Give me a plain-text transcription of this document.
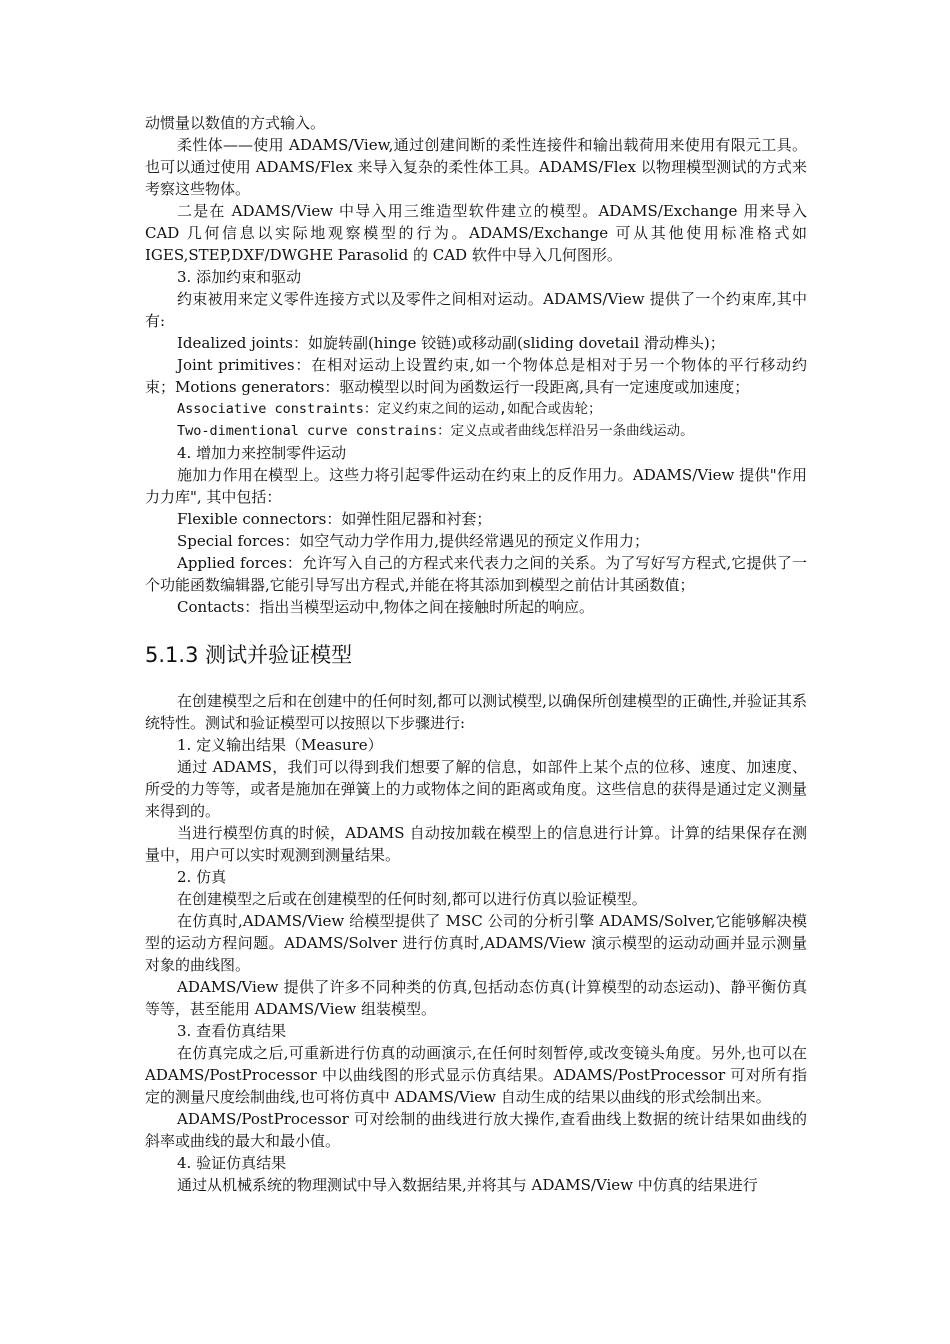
动惯量以数值的方式输入。

柔性体——使用 ADAMS/View,通过创建间断的柔性连接件和输出载荷用来使用有限元工具。也可以通过使用 ADAMS/Flex 来导入复杂的柔性体工具。ADAMS/Flex 以物理模型测试的方式来考察这些物体。

二是在 ADAMS/View 中导入用三维造型软件建立的模型。ADAMS/Exchange 用来导入 CAD 几何信息以实际地观察模型的行为。ADAMS/Exchange 可从其他使用标准格式如 IGES,STEP,DXF/DWGHE Parasolid 的 CAD 软件中导入几何图形。

3. 添加约束和驱动

约束被用来定义零件连接方式以及零件之间相对运动。ADAMS/View 提供了一个约束库,其中有:

Idealized joints：如旋转副(hinge 铰链)或移动副(sliding dovetail 滑动榫头)；

Joint primitives：在相对运动上设置约束,如一个物体总是相对于另一个物体的平行移动约束；Motions generators：驱动模型以时间为函数运行一段距离,具有一定速度或加速度；

Associative constraints：定义约束之间的运动,如配合或齿轮；

Two-dimentional curve constrains：定义点或者曲线怎样沿另一条曲线运动。

4. 增加力来控制零件运动

施加力作用在模型上。这些力将引起零件运动在约束上的反作用力。ADAMS/View 提供"作用力力库", 其中包括：

Flexible connectors：如弹性阻尼器和衬套；

Special forces：如空气动力学作用力,提供经常遇见的预定义作用力；

Applied forces：允许写入自己的方程式来代表力之间的关系。为了写好写方程式,它提供了一个功能函数编辑器,它能引导写出方程式,并能在将其添加到模型之前估计其函数值；

Contacts：指出当模型运动中,物体之间在接触时所起的响应。

5.1.3 测试并验证模型

在创建模型之后和在创建中的任何时刻,都可以测试模型,以确保所创建模型的正确性,并验证其系统特性。测试和验证模型可以按照以下步骤进行:

1. 定义输出结果（Measure）

通过 ADAMS，我们可以得到我们想要了解的信息，如部件上某个点的位移、速度、加速度、所受的力等等，或者是施加在弹簧上的力或物体之间的距离或角度。这些信息的获得是通过定义测量来得到的。

当进行模型仿真的时候，ADAMS 自动按加载在模型上的信息进行计算。计算的结果保存在测量中，用户可以实时观测到测量结果。

2. 仿真

在创建模型之后或在创建模型的任何时刻,都可以进行仿真以验证模型。

在仿真时,ADAMS/View 给模型提供了 MSC 公司的分析引擎 ADAMS/Solver,它能够解决模型的运动方程问题。ADAMS/Solver 进行仿真时,ADAMS/View 演示模型的运动动画并显示测量对象的曲线图。

ADAMS/View 提供了许多不同种类的仿真,包括动态仿真(计算模型的动态运动)、静平衡仿真等等，甚至能用 ADAMS/View 组装模型。

3. 查看仿真结果

在仿真完成之后,可重新进行仿真的动画演示,在任何时刻暂停,或改变镜头角度。另外,也可以在 ADAMS/PostProcessor 中以曲线图的形式显示仿真结果。ADAMS/PostProcessor 可对所有指定的测量尺度绘制曲线,也可将仿真中 ADAMS/View 自动生成的结果以曲线的形式绘制出来。

ADAMS/PostProcessor 可对绘制的曲线进行放大操作,查看曲线上数据的统计结果如曲线的斜率或曲线的最大和最小值。

4. 验证仿真结果

通过从机械系统的物理测试中导入数据结果,并将其与 ADAMS/View 中仿真的结果进行
